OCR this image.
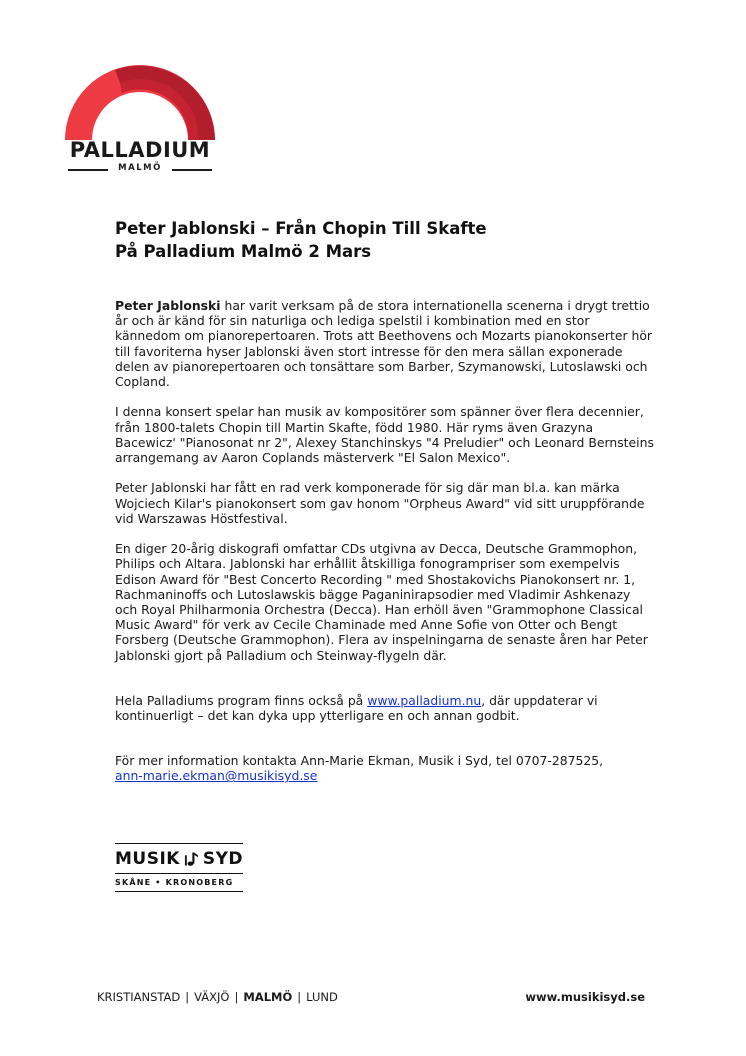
PALLADIUM
MALMÖ
Peter Jablonski – Från Chopin Till Skafte
På Palladium Malmö 2 Mars

Peter Jablonski har varit verksam på de stora internationella scenerna i drygt trettio år och är känd för sin naturliga och lediga spelstil i kombination med en stor kännedom om pianorepertoaren. Trots att Beethovens och Mozarts pianokonserter hör till favoriterna hyser Jablonski även stort intresse för den mera sällan exponerade delen av pianorepertoaren och tonsättare som Barber, Szymanowski, Lutoslawski och Copland.

I denna konsert spelar han musik av kompositörer som spänner över flera decennier, från 1800-talets Chopin till Martin Skafte, född 1980. Här ryms även Grazyna Bacewicz' "Pianosonat nr 2", Alexey Stanchinskys "4 Preludier" och Leonard Bernsteins arrangemang av Aaron Coplands mästerverk "El Salon Mexico".

Peter Jablonski har fått en rad verk komponerade för sig där man bl.a. kan märka Wojciech Kilar's pianokonsert som gav honom "Orpheus Award" vid sitt uruppförande vid Warszawas Höstfestival.

En diger 20-årig diskografi omfattar CDs utgivna av Decca, Deutsche Grammophon, Philips och Altara. Jablonski har erhållit åtskilliga fonogrampriser som exempelvis Edison Award för "Best Concerto Recording " med Shostakovichs Pianokonsert nr. 1, Rachmaninoffs och Lutoslawskis bägge Paganinirapsodier med Vladimir Ashkenazy och Royal Philharmonia Orchestra (Decca). Han erhöll även "Grammophone Classical Music Award" för verk av Cecile Chaminade med Anne Sofie von Otter och Bengt Forsberg (Deutsche Grammophon). Flera av inspelningarna de senaste åren har Peter Jablonski gjort på Palladium och Steinway-flygeln där.

Hela Palladiums program finns också på www.palladium.nu, där uppdaterar vi kontinuerligt – det kan dyka upp ytterligare en och annan godbit.

För mer information kontakta Ann-Marie Ekman, Musik i Syd, tel 0707-287525,
ann-marie.ekman@musikisyd.se

MUSIK SYD
SKÅNE • KRONOBERG
KRISTIANSTAD | VÄXJÖ | MALMÖ | LUND	www.musikisyd.se
